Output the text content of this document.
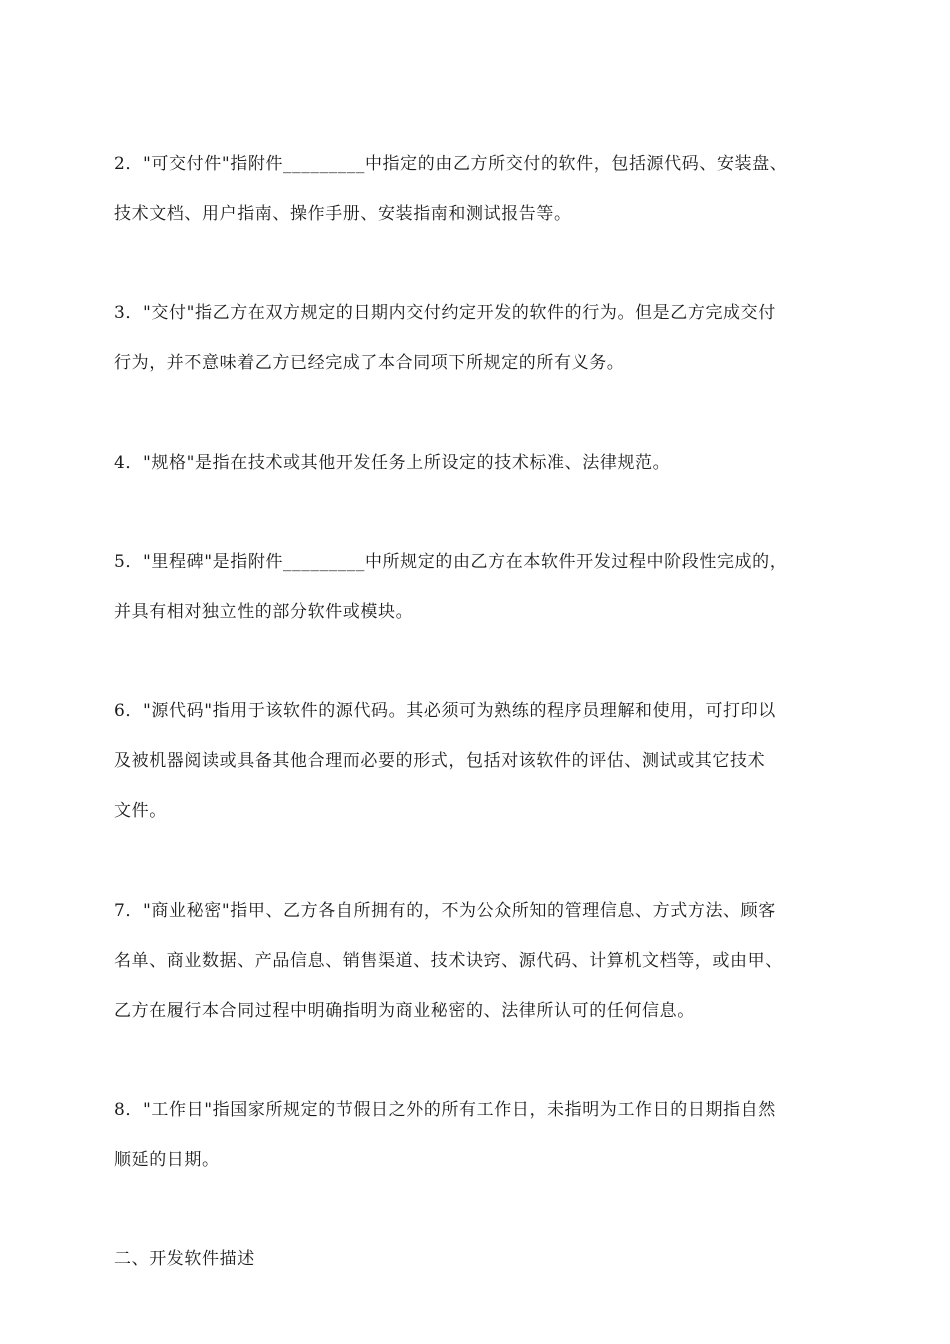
2．"可交付件"指附件_________中指定的由乙方所交付的软件，包括源代码、安装盘、
技术文档、用户指南、操作手册、安装指南和测试报告等。
3．"交付"指乙方在双方规定的日期内交付约定开发的软件的行为。但是乙方完成交付
行为，并不意味着乙方已经完成了本合同项下所规定的所有义务。
4．"规格"是指在技术或其他开发任务上所设定的技术标准、法律规范。
5．"里程碑"是指附件_________中所规定的由乙方在本软件开发过程中阶段性完成的，
并具有相对独立性的部分软件或模块。
6．"源代码"指用于该软件的源代码。其必须可为熟练的程序员理解和使用，可打印以
及被机器阅读或具备其他合理而必要的形式，包括对该软件的评估、测试或其它技术
文件。
7．"商业秘密"指甲、乙方各自所拥有的，不为公众所知的管理信息、方式方法、顾客
名单、商业数据、产品信息、销售渠道、技术诀窍、源代码、计算机文档等，或由甲、
乙方在履行本合同过程中明确指明为商业秘密的、法律所认可的任何信息。
8．"工作日"指国家所规定的节假日之外的所有工作日，未指明为工作日的日期指自然
顺延的日期。
二、开发软件描述
